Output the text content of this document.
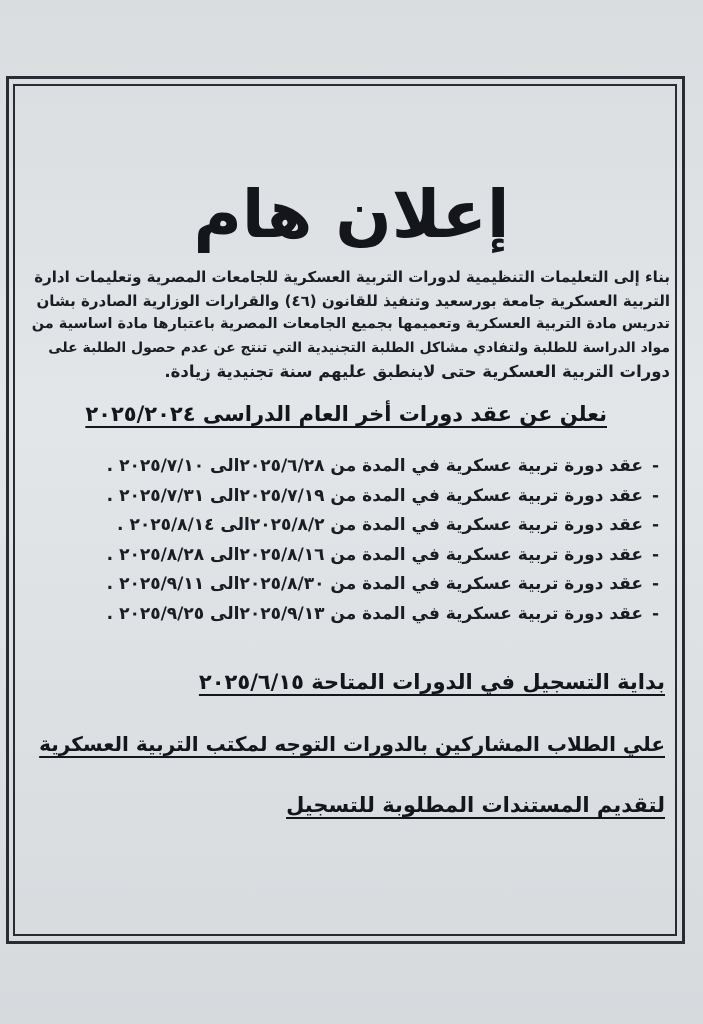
إعلان هام
بناء إلى التعليمات التنظيمية لدورات التربية العسكرية للجامعات المصرية وتعليمات ادارة
التربية العسكرية جامعة بورسعيد وتنفيذ للقانون (٤٦) والقرارات الوزارية الصادرة بشان
تدريس مادة التربية العسكرية وتعميمها بجميع الجامعات المصرية باعتبارها مادة اساسية من
مواد الدراسة للطلبة ولتفادي مشاكل الطلبة التجنيدية التي تنتج عن عدم حصول الطلبة على
دورات التربية العسكرية حتى لاينطبق عليهم سنة تجنيدية زيادة.
نعلن عن عقد دورات أخر العام الدراسى ٢٠٢٥/٢٠٢٤
-عقد دورة تربية عسكرية في المدة من ٢٠٢٥/٦/٢٨الى ٢٠٢٥/٧/١٠ .
-عقد دورة تربية عسكرية في المدة من ٢٠٢٥/٧/١٩الى ٢٠٢٥/٧/٣١ .
-عقد دورة تربية عسكرية في المدة من ٢٠٢٥/٨/٢الى ٢٠٢٥/٨/١٤ .
-عقد دورة تربية عسكرية في المدة من ٢٠٢٥/٨/١٦الى ٢٠٢٥/٨/٢٨ .
-عقد دورة تربية عسكرية في المدة من ٢٠٢٥/٨/٣٠الى ٢٠٢٥/٩/١١ .
-عقد دورة تربية عسكرية في المدة من ٢٠٢٥/٩/١٣الى ٢٠٢٥/٩/٢٥ .
بداية التسجيل في الدورات المتاحة ٢٠٢٥/٦/١٥
علي الطلاب المشاركين بالدورات التوجه لمكتب التربية العسكرية
لتقديم المستندات المطلوبة للتسجيل
